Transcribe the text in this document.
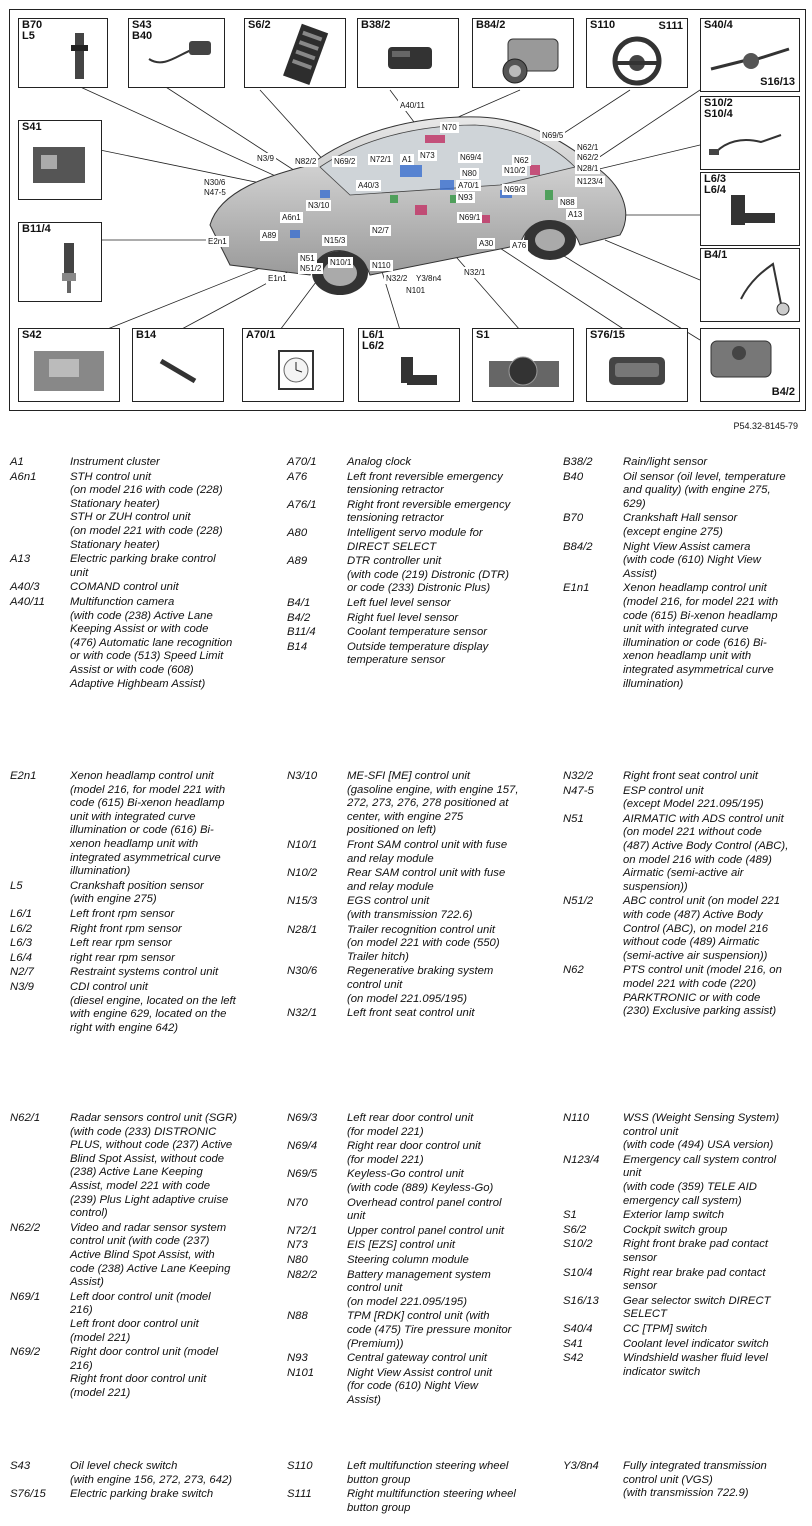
A40/11
N70
N69/5
N62/1
N62/2
N28/1
N123/4
N3/9	N82/2 N69/2 N72/1 A1 N73	N69/4	N62
N10/2
N30/6
N47-5
A40/3
N80
A70/1
N93
N69/3
N88
A13
N3/10
A6n1
A89
N15/3
N2/7
N69/1
A30 A76
E2n1
N51
N51/2
N10/1	N110
E1n1	N32/2 Y3/8n4
N32/1
N101
B70
L5
S43
B40
S6/2	B38/2	B84/2	S110	S111 S40/4
S16/13
S41
B11/4
S10/2
S10/4
L6/3
L6/4
B4/1
B4/2
S42	B14	A70/1	L6/1
L6/2
S1	S76/15
P54.32-8145-79
A1	Instrument cluster
A6n1	STH control unit
(on model 216 with code (228)
Stationary heater)
STH or ZUH control unit
(on model 221 with code (228)
Stationary heater)
A13	Electric parking brake control
unit
A40/3	COMAND control unit
A40/11 Multifunction camera
(with code (238) Active Lane
Keeping Assist or with code
(476) Automatic lane recognition
or with code (513) Speed Limit
Assist or with code (608)
Adaptive Highbeam Assist)
A70/1	Analog clock
A76	Left front reversible emergency
tensioning retractor
A76/1	Right front reversible emergency
tensioning retractor
A80	Intelligent servo module for
DIRECT SELECT
A89	DTR controller unit
(with code (219) Distronic (DTR)
or code (233) Distronic Plus)
B4/1	Left fuel level sensor
B4/2	Right fuel level sensor
B11/4	Coolant temperature sensor
B14	Outside temperature display
temperature sensor
B38/2	Rain/light sensor
B40	Oil sensor (oil level, temperature
and quality) (with engine 275,
629)
B70	Crankshaft Hall sensor
(except engine 275)
B84/2	Night View Assist camera
(with code (610) Night View
Assist)
E1n1	Xenon headlamp control unit
(model 216, for model 221 with
code (615) Bi-xenon headlamp
unit with integrated curve
illumination or code (616) Bi-
xenon headlamp unit with
integrated asymmetrical curve
illumination)
E2n1	Xenon headlamp control unit
(model 216, for model 221 with
code (615) Bi-xenon headlamp
unit with integrated curve
illumination or code (616) Bi-
xenon headlamp unit with
integrated asymmetrical curve
illumination)
L5	Crankshaft position sensor
(with engine 275)

L6/1	Left front rpm sensor
L6/2	Right front rpm sensor
L6/3	Left rear rpm sensor
L6/4	right rear rpm sensor
N2/7	Restraint systems control unit
N3/9	CDI control unit
(diesel engine, located on the left
with engine 629, located on the
right with engine 642)
N3/10	ME-SFI [ME] control unit
(gasoline engine, with engine 157,
272, 273, 276, 278 positioned at
center, with engine 275
positioned on left)
N10/1	Front SAM control unit with fuse
and relay module
N10/2	Rear SAM control unit with fuse
and relay module

N15/3	EGS control unit
(with transmission 722.6)
N28/1	Trailer recognition control unit
(on model 221 with code (550)
Trailer hitch)
N30/6	Regenerative braking system
control unit
(on model 221.095/195)
N32/1	Left front seat control unit
N32/2	Right front seat control unit
N47-5	ESP control unit
(except Model 221.095/195)
N51	AIRMATIC with ADS control unit
(on model 221 without code
(487) Active Body Control (ABC),
on model 216 with code (489)
Airmatic (semi-active air
suspension))

N51/2	ABC control unit (on model 221
with code (487) Active Body
Control (ABC), on model 216
without code (489) Airmatic
(semi-active air suspension))
N62	PTS control unit (model 216, on
model 221 with code (220)
PARKTRONIC or with code
(230) Exclusive parking assist)
N62/1	Radar sensors control unit (SGR)
(with code (233) DISTRONIC
PLUS, without code (237) Active
Blind Spot Assist, without code
(238) Active Lane Keeping
Assist, model 221 with code
(239) Plus Light adaptive cruise
control)
N62/2	Video and radar sensor system
control unit (with code (237)
Active Blind Spot Assist, with
code (238) Active Lane Keeping
Assist)
N69/1	Left door control unit (model
216)
Left front door control unit
(model 221)
N69/2	Right door control unit (model
216)
Right front door control unit
(model 221)
N69/3	Left rear door control unit
(for model 221)
N69/4	Right rear door control unit
(for model 221)
N69/5	Keyless-Go control unit
(with code (889) Keyless-Go)
N70	Overhead control panel control
unit
N72/1	Upper control panel control unit
N73	EIS [EZS] control unit
N80	Steering column module
N82/2	Battery management system
control unit
(on model 221.095/195)
N88	TPM [RDK] control unit (with
code (475) Tire pressure monitor
(Premium))
N93	Central gateway control unit
N101	Night View Assist control unit
(for code (610) Night View
Assist)
N110	WSS (Weight Sensing System)
control unit
(with code (494) USA version)
N123/4 Emergency call system control
unit
(with code (359) TELE AID
emergency call system)
S1	Exterior lamp switch
S6/2	Cockpit switch group
S10/2	Right front brake pad contact
sensor
S10/4	Right rear brake pad contact
sensor
S16/13 Gear selector switch DIRECT
SELECT
S40/4	CC [TPM] switch
S41	Coolant level indicator switch
S42	Windshield washer fluid level
indicator switch
S43	Oil level check switch
(with engine 156, 272, 273, 642)
S76/15 Electric parking brake switch
S110	Left multifunction steering wheel
button group
S111	Right multifunction steering wheel
button group
Y3/8n4 Fully integrated transmission
control unit (VGS)
(with transmission 722.9)
